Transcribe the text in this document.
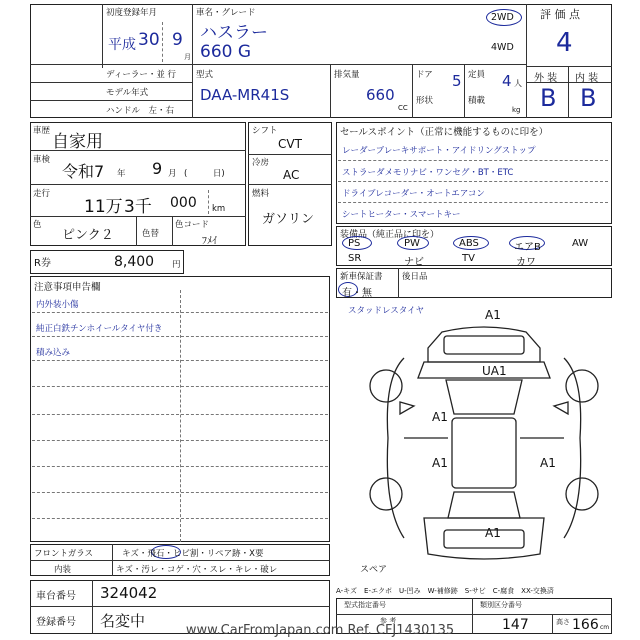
初度登録年月
平成 30 9
月
車名・グレード
ハスラー
660 G
2WD
4WD
評 価 点
4
ディーラー・並 行
モデル年式
ハンドル　左・右
型式
DAA-MR41S
排気量
660
CC
ドア 5
形状
定員 4 人
積載
kg
外 装 内 装
B B
車歴
自家用
車検
令和7 年 9 月 (　　　日)
走行
11万 3千 000 km
色
ピンク２	色替
色コード
ﾌﾒｲ
シフト
CVT
冷房
AC
燃料
ガソリン
R券	8,400 円
セールスポイント（正常に機能するものに印を）
レーダーブレーキサポート・アイドリングストップ
ストラーダメモリナビ・ワンセグ・BT・ETC
ドライブレコーダー・オートエアコン
シートヒーター・スマートキー
装備品（純正品に印を）
PS	PW	ABS	エアB	AW
SR	ナビ	TV	カワ
新車保証書
有・無
後日品
注意事項申告欄
内外装小傷
純正白鉄チンホイールタイヤ付き
積み込み
スタッドレスタイヤ	A1
UA1
A1
A1	A1
A1
スペア
A-キズ　E-エクボ　U-凹み　W-補修跡　S-サビ　C-腐食　XX-交換済
フロントガラス	キズ・飛石・ヒビ割・リペア跡・X要
内装	キズ・汚レ・コゲ・穴・スレ・キレ・破レ
車台番号 324042
登録番号 名変中
型式指定番号	類別区分番号
参 考	147	高さ 166 cm
www.CarFromJapan.com Ref. CFJ1430135
